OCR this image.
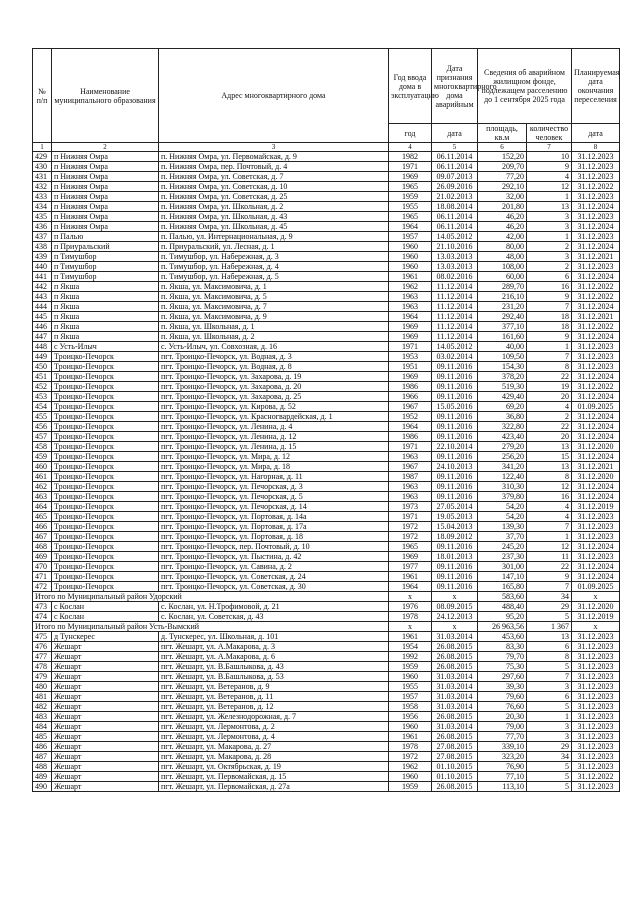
№ п/п	Наименование муниципального образования	Адрес многоквартирного дома	Год ввода дома в эксплуатацию	Дата признания многоквартирного дома аварийным	Сведения об аварийном жилищном фонде, подлежащем расселению до 1 сентября 2025 года		Планируемая дата окончания переселения
			год	дата	площадь, кв.м	количество человек	дата
1	2	3	4	5	6	7	8
429	п Нижняя Омра	п. Нижняя Омра, ул. Первомайская, д. 9	1982	06.11.2014	152,20	10	31.12.2023
430	п Нижняя Омра	п. Нижняя Омра, пер. Почтовый, д. 4	1971	06.11.2014	209,70	9	31.12.2023
431	п Нижняя Омра	п. Нижняя Омра, ул. Советская, д. 7	1969	09.07.2013	77,20	4	31.12.2023
432	п Нижняя Омра	п. Нижняя Омра, ул. Советская, д. 10	1965	26.09.2016	292,10	12	31.12.2022
433	п Нижняя Омра	п. Нижняя Омра, ул. Советская, д. 25	1959	21.02.2013	32,00	1	31.12.2023
434	п Нижняя Омра	п. Нижняя Омра, ул. Школьная, д. 2	1955	18.08.2014	201,80	13	31.12.2024
435	п Нижняя Омра	п. Нижняя Омра, ул. Школьная, д. 43	1965	06.11.2014	46,20	3	31.12.2023
436	п Нижняя Омра	п. Нижняя Омра, ул. Школьная, д. 45	1964	06.11.2014	46,20	3	31.12.2024
437	п Палью	п. Палью, ул. Интернациональная, д. 9	1957	14.05.2012	42,00	1	31.12.2023
438	п Приуральский	п. Приуральский, ул. Лесная, д. 1	1960	21.10.2016	80,00	2	31.12.2024
439	п Тимушбор	п. Тимушбор, ул. Набережная, д. 3	1960	13.03.2013	48,00	3	31.12.2021
440	п Тимушбор	п. Тимушбор, ул. Набережная, д. 4	1960	13.03.2013	108,00	2	31.12.2023
441	п Тимушбор	п. Тимушбор, ул. Набережная, д. 5	1961	08.02.2016	60,00	6	31.12.2024
442	п Якша	п. Якша, ул. Максимовича, д. 1	1962	11.12.2014	289,70	16	31.12.2022
443	п Якша	п. Якша, ул. Максимовича, д. 5	1963	11.12.2014	216,10	9	31.12.2022
444	п Якша	п. Якша, ул. Максимовича, д. 7	1963	11.12.2014	231,20	7	31.12.2024
445	п Якша	п. Якша, ул. Максимовича, д. 9	1964	11.12.2014	292,40	18	31.12.2021
446	п Якша	п. Якша, ул. Школьная, д. 1	1969	11.12.2014	377,10	18	31.12.2022
447	п Якша	п. Якша, ул. Школьная, д. 2	1969	11.12.2014	161,60	9	31.12.2024
448	с Усть-Илыч	с. Усть-Илыч, ул. Совхозная, д. 16	1971	14.05.2012	40,00	1	31.12.2023
449	Троицко-Печорск	пгт. Троицко-Печорск, ул. Водная, д. 3	1953	03.02.2014	109,50	7	31.12.2023
450	Троицко-Печорск	пгт. Троицко-Печорск, ул. Водная, д. 8	1951	09.11.2016	154,30	8	31.12.2023
451	Троицко-Печорск	пгт. Троицко-Печорск, ул. Захарова, д. 19	1969	09.11.2016	378,20	22	31.12.2024
452	Троицко-Печорск	пгт. Троицко-Печорск, ул. Захарова, д. 20	1986	09.11.2016	519,30	19	31.12.2022
453	Троицко-Печорск	пгт. Троицко-Печорск, ул. Захарова, д. 25	1966	09.11.2016	429,40	20	31.12.2024
454	Троицко-Печорск	пгт. Троицко-Печорск, ул. Кирова, д. 52	1967	15.05.2016	69,20	4	01.09.2025
455	Троицко-Печорск	пгт. Троицко-Печорск, ул. Красногвардейская, д. 1	1952	09.11.2016	36,80	2	31.12.2024
456	Троицко-Печорск	пгт. Троицко-Печорск, ул. Ленина, д. 4	1964	09.11.2016	322,80	22	31.12.2024
457	Троицко-Печорск	пгт. Троицко-Печорск, ул. Ленина, д. 12	1986	09.11.2016	423,40	20	31.12.2024
458	Троицко-Печорск	пгт. Троицко-Печорск, ул. Ленина, д. 15	1971	22.10.2014	279,20	13	31.12.2020
459	Троицко-Печорск	пгт. Троицко-Печорск, ул. Мира, д. 12	1963	09.11.2016	256,20	15	31.12.2024
460	Троицко-Печорск	пгт. Троицко-Печорск, ул. Мира, д. 18	1967	24.10.2013	341,20	13	31.12.2021
461	Троицко-Печорск	пгт. Троицко-Печорск, ул. Нагорная, д. 11	1987	09.11.2016	122,40	8	31.12.2020
462	Троицко-Печорск	пгт. Троицко-Печорск, ул. Печорская, д. 3	1963	09.11.2016	310,30	12	31.12.2024
463	Троицко-Печорск	пгт. Троицко-Печорск, ул. Печорская, д. 5	1963	09.11.2016	379,80	16	31.12.2024
464	Троицко-Печорск	пгт. Троицко-Печорск, ул. Печорская, д. 14	1973	27.05.2014	54,20	4	31.12.2019
465	Троицко-Печорск	пгт. Троицко-Печорск, ул. Портовая, д. 14а	1971	19.05.2013	54,20	4	31.12.2023
466	Троицко-Печорск	пгт. Троицко-Печорск, ул. Портовая, д. 17а	1972	15.04.2013	139,30	7	31.12.2023
467	Троицко-Печорск	пгт. Троицко-Печорск, ул. Портовая, д. 18	1972	18.09.2012	37,70	1	31.12.2023
468	Троицко-Печорск	пгт. Троицко-Печорск, пер. Почтовый, д. 10	1965	09.11.2016	245,20	12	31.12.2024
469	Троицко-Печорск	пгт. Троицко-Печорск, ул. Пыстина, д. 42	1969	18.01.2013	237,30	11	31.12.2023
470	Троицко-Печорск	пгт. Троицко-Печорск, ул. Савина, д. 2	1977	09.11.2016	301,00	22	31.12.2024
471	Троицко-Печорск	пгт. Троицко-Печорск, ул. Советская, д. 24	1961	09.11.2016	147,10	9	31.12.2024
472	Троицко-Печорск	пгт. Троицко-Печорск, ул. Советская, д. 30	1964	09.11.2016	165,80	7	01.09.2025
Итого по Муниципальный район Удорский			х	х	583,60	34	х
473	с Кослан	с. Кослан, ул. Н.Трофимовой, д. 21	1976	08.09.2015	488,40	29	31.12.2020
474	с Кослан	с. Кослан, ул. Советская, д. 43	1978	24.12.2013	95,20	5	31.12.2019
Итого по Муниципальный район Усть-Вымский			х	х	26 963,56	1 367	х
475	д Тунскерес	д. Тунскерес, ул. Школьная, д. 101	1961	31.03.2014	453,60	13	31.12.2023
476	Жешарт	пгт. Жешарт, ул. А.Макарова, д. 3	1954	26.08.2015	83,30	6	31.12.2023
477	Жешарт	пгт. Жешарт, ул. А.Макарова, д. 6	1992	26.08.2015	79,70	8	31.12.2023
478	Жешарт	пгт. Жешарт, ул. В.Башлыкова, д. 43	1959	26.08.2015	75,30	5	31.12.2023
479	Жешарт	пгт. Жешарт, ул. В.Башлыкова, д. 53	1960	31.03.2014	297,60	7	31.12.2023
480	Жешарт	пгт. Жешарт, ул. Ветеранов, д. 9	1955	31.03.2014	39,30	3	31.12.2023
481	Жешарт	пгт. Жешарт, ул. Ветеранов, д. 11	1957	31.03.2014	79,60	6	31.12.2023
482	Жешарт	пгт. Жешарт, ул. Ветеранов, д. 12	1958	31.03.2014	76,60	5	31.12.2023
483	Жешарт	пгт. Жешарт, ул. Железнодорожная, д. 7	1956	26.08.2015	20,30	1	31.12.2023
484	Жешарт	пгт. Жешарт, ул. Лермонтова, д. 2	1960	31.03.2014	79,00	3	31.12.2023
485	Жешарт	пгт. Жешарт, ул. Лермонтова, д. 4	1961	26.08.2015	77,70	3	31.12.2023
486	Жешарт	пгт. Жешарт, ул. Макарова, д. 27	1978	27.08.2015	339,10	29	31.12.2023
487	Жешарт	пгт. Жешарт, ул. Макарова, д. 28	1972	27.08.2015	323,20	34	31.12.2023
488	Жешарт	пгт. Жешарт, ул. Октябрьская, д. 19	1962	01.10.2015	76,90	5	31.12.2023
489	Жешарт	пгт. Жешарт, ул. Первомайская, д. 15	1960	01.10.2015	77,10	5	31.12.2022
490	Жешарт	пгт. Жешарт, ул. Первомайская, д. 27а	1959	26.08.2015	113,10	5	31.12.2023
